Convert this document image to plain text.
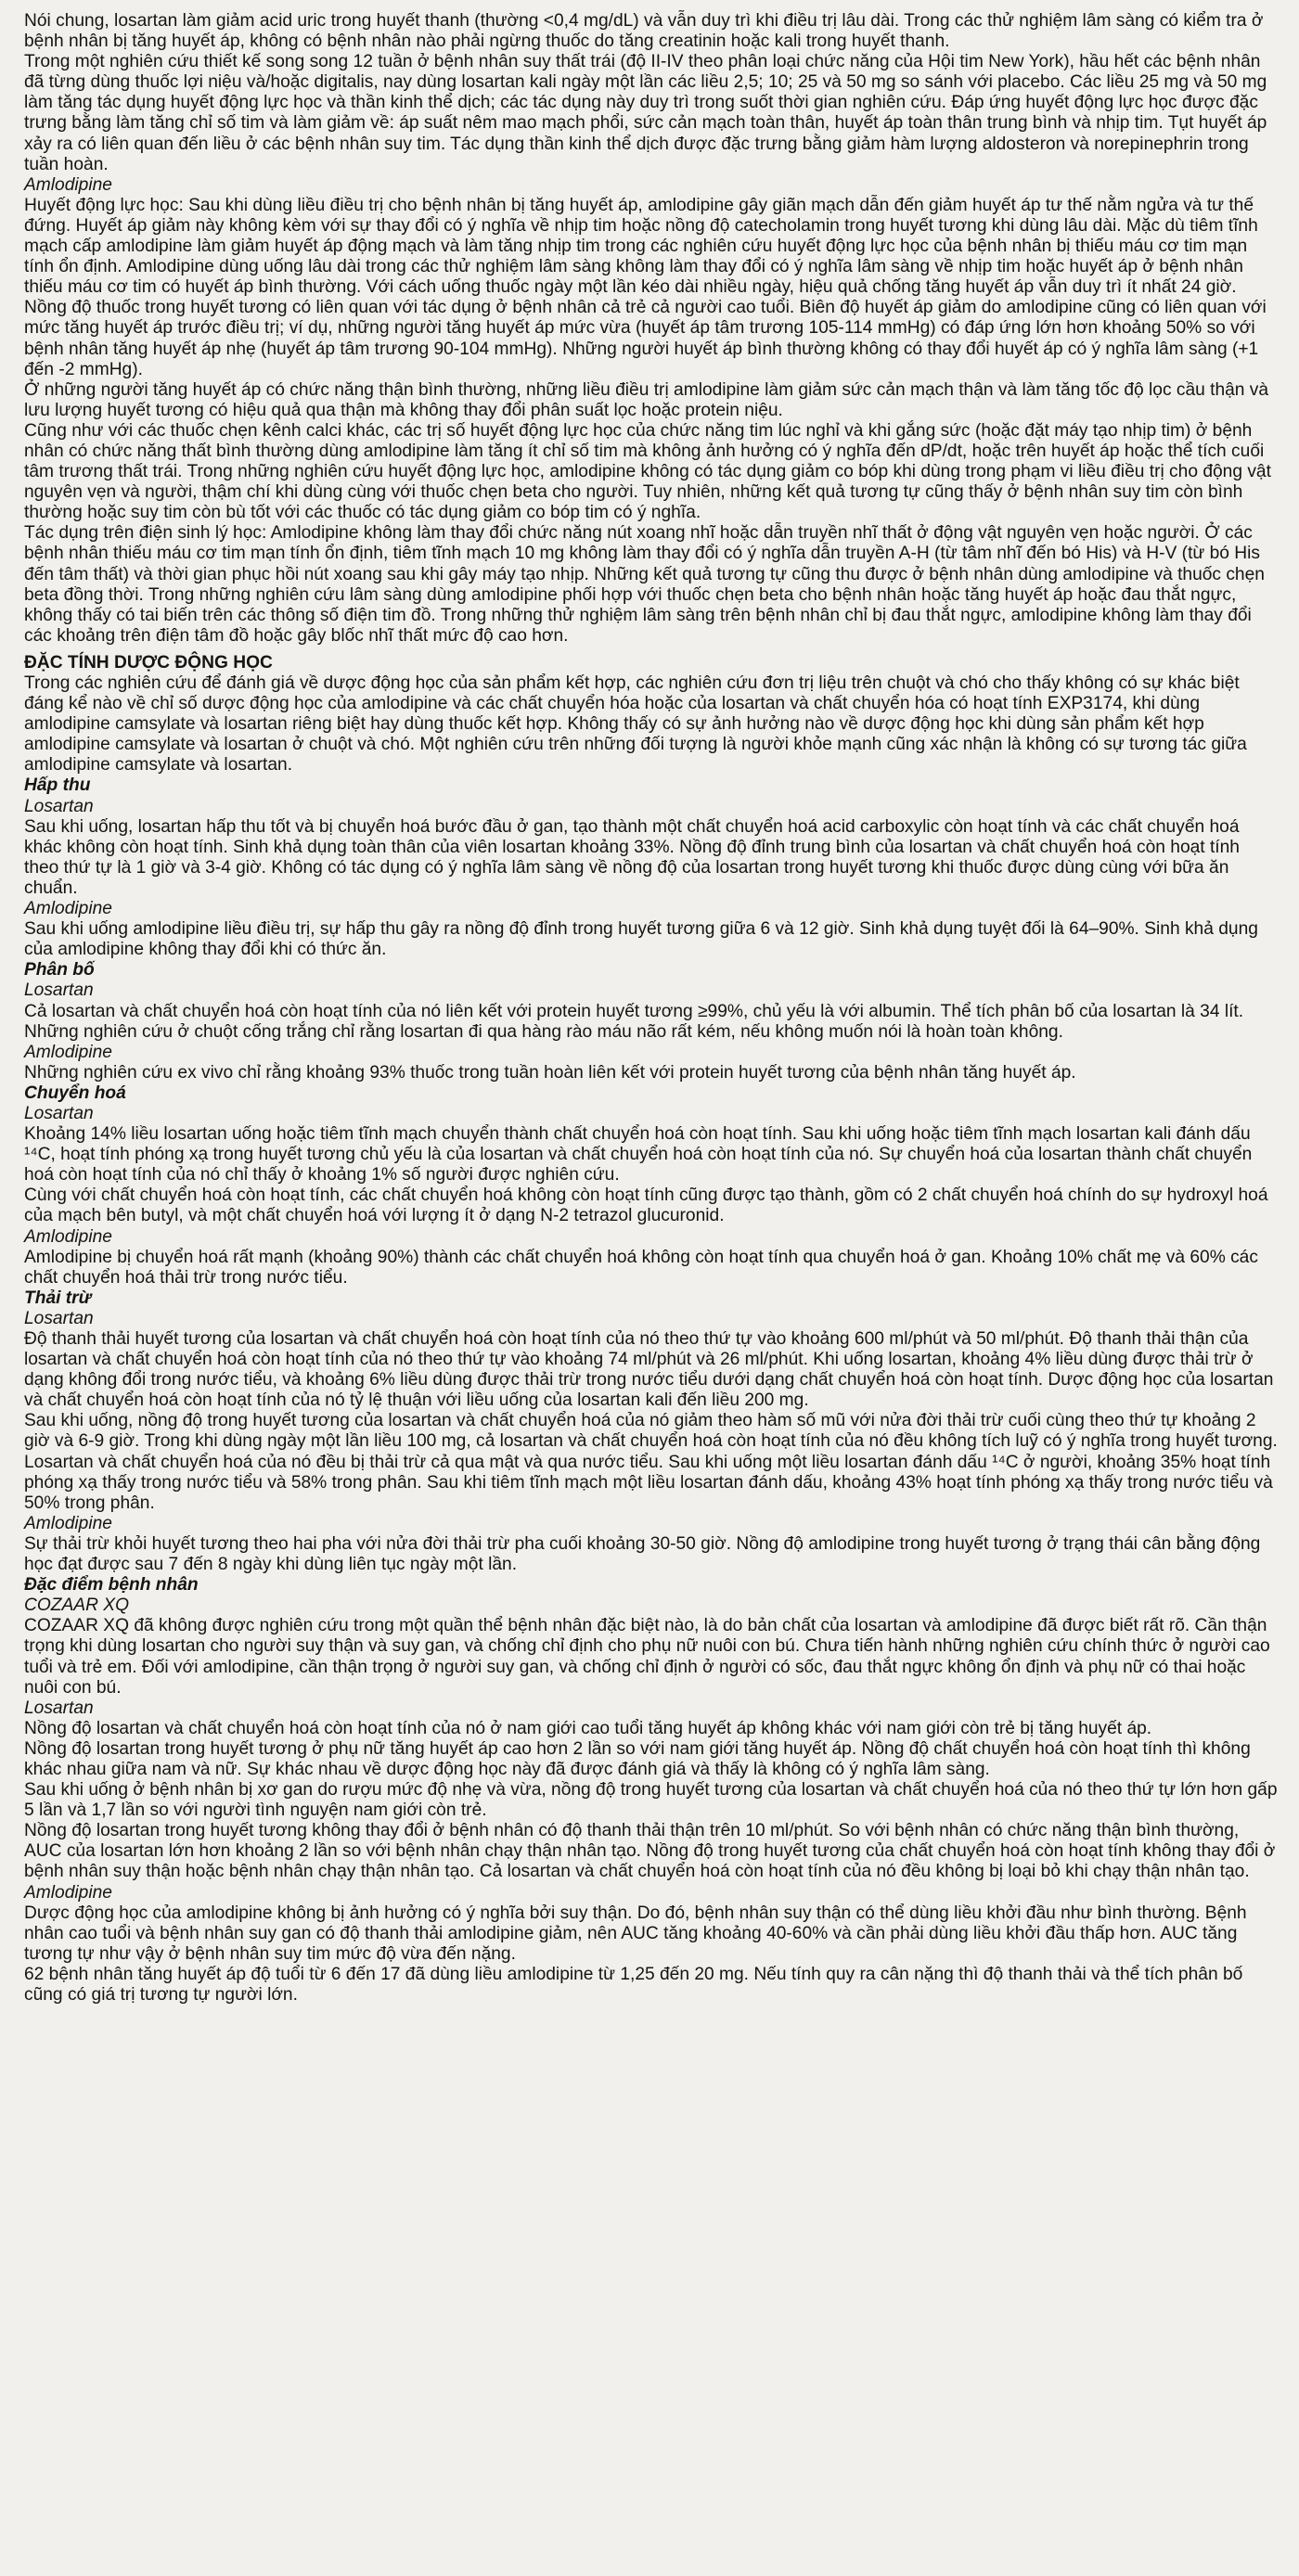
Nói chung, losartan làm giảm acid uric trong huyết thanh (thường <0,4 mg/dL) và vẫn duy trì khi điều trị lâu dài. Trong các thử nghiệm lâm sàng có kiểm tra ở bệnh nhân bị tăng huyết áp, không có bệnh nhân nào phải ngừng thuốc do tăng creatinin hoặc kali trong huyết thanh.

Trong một nghiên cứu thiết kế song song 12 tuần ở bệnh nhân suy thất trái (độ II-IV theo phân loại chức năng của Hội tim New York), hầu hết các bệnh nhân đã từng dùng thuốc lợi niệu và/hoặc digitalis, nay dùng losartan kali ngày một lần các liều 2,5; 10; 25 và 50 mg so sánh với placebo. Các liều 25 mg và 50 mg làm tăng tác dụng huyết động lực học và thần kinh thể dịch; các tác dụng này duy trì trong suốt thời gian nghiên cứu. Đáp ứng huyết động lực học được đặc trưng bằng làm tăng chỉ số tim và làm giảm về: áp suất nêm mao mạch phổi, sức cản mạch toàn thân, huyết áp toàn thân trung bình và nhịp tim. Tụt huyết áp xảy ra có liên quan đến liều ở các bệnh nhân suy tim. Tác dụng thần kinh thể dịch được đặc trưng bằng giảm hàm lượng aldosteron và norepinephrin trong tuần hoàn.

Amlodipine

Huyết động lực học: Sau khi dùng liều điều trị cho bệnh nhân bị tăng huyết áp, amlodipine gây giãn mạch dẫn đến giảm huyết áp tư thế nằm ngửa và tư thế đứng. Huyết áp giảm này không kèm với sự thay đổi có ý nghĩa về nhịp tim hoặc nồng độ catecholamin trong huyết tương khi dùng lâu dài. Mặc dù tiêm tĩnh mạch cấp amlodipine làm giảm huyết áp động mạch và làm tăng nhịp tim trong các nghiên cứu huyết động lực học của bệnh nhân bị thiếu máu cơ tim mạn tính ổn định. Amlodipine dùng uống lâu dài trong các thử nghiệm lâm sàng không làm thay đổi có ý nghĩa lâm sàng về nhịp tim hoặc huyết áp ở bệnh nhân thiếu máu cơ tim có huyết áp bình thường. Với cách uống thuốc ngày một lần kéo dài nhiều ngày, hiệu quả chống tăng huyết áp vẫn duy trì ít nhất 24 giờ. Nồng độ thuốc trong huyết tương có liên quan với tác dụng ở bệnh nhân cả trẻ cả người cao tuổi. Biên độ huyết áp giảm do amlodipine cũng có liên quan với mức tăng huyết áp trước điều trị; ví dụ, những người tăng huyết áp mức vừa (huyết áp tâm trương 105-114 mmHg) có đáp ứng lớn hơn khoảng 50% so với bệnh nhân tăng huyết áp nhẹ (huyết áp tâm trương 90-104 mmHg). Những người huyết áp bình thường không có thay đổi huyết áp có ý nghĩa lâm sàng (+1 đến -2 mmHg).

Ở những người tăng huyết áp có chức năng thận bình thường, những liều điều trị amlodipine làm giảm sức cản mạch thận và làm tăng tốc độ lọc cầu thận và lưu lượng huyết tương có hiệu quả qua thận mà không thay đổi phân suất lọc hoặc protein niệu.

Cũng như với các thuốc chẹn kênh calci khác, các trị số huyết động lực học của chức năng tim lúc nghỉ và khi gắng sức (hoặc đặt máy tạo nhịp tim) ở bệnh nhân có chức năng thất bình thường dùng amlodipine làm tăng ít chỉ số tim mà không ảnh hưởng có ý nghĩa đến dP/dt, hoặc trên huyết áp hoặc thể tích cuối tâm trương thất trái. Trong những nghiên cứu huyết động lực học, amlodipine không có tác dụng giảm co bóp khi dùng trong phạm vi liều điều trị cho động vật nguyên vẹn và người, thậm chí khi dùng cùng với thuốc chẹn beta cho người. Tuy nhiên, những kết quả tương tự cũng thấy ở bệnh nhân suy tim còn bình thường hoặc suy tim còn bù tốt với các thuốc có tác dụng giảm co bóp tim có ý nghĩa.

Tác dụng trên điện sinh lý học: Amlodipine không làm thay đổi chức năng nút xoang nhĩ hoặc dẫn truyền nhĩ thất ở động vật nguyên vẹn hoặc người. Ở các bệnh nhân thiếu máu cơ tim mạn tính ổn định, tiêm tĩnh mạch 10 mg không làm thay đổi có ý nghĩa dẫn truyền A-H (từ tâm nhĩ đến bó His) và H-V (từ bó His đến tâm thất) và thời gian phục hồi nút xoang sau khi gây máy tạo nhịp. Những kết quả tương tự cũng thu được ở bệnh nhân dùng amlodipine và thuốc chẹn beta đồng thời. Trong những nghiên cứu lâm sàng dùng amlodipine phối hợp với thuốc chẹn beta cho bệnh nhân hoặc tăng huyết áp hoặc đau thắt ngực, không thấy có tai biến trên các thông số điện tim đồ. Trong những thử nghiệm lâm sàng trên bệnh nhân chỉ bị đau thắt ngực, amlodipine không làm thay đổi các khoảng trên điện tâm đồ hoặc gây blốc nhĩ thất mức độ cao hơn.

ĐẶC TÍNH DƯỢC ĐỘNG HỌC

Trong các nghiên cứu để đánh giá về dược động học của sản phẩm kết hợp, các nghiên cứu đơn trị liệu trên chuột và chó cho thấy không có sự khác biệt đáng kể nào về chỉ số dược động học của amlodipine và các chất chuyển hóa hoặc của losartan và chất chuyển hóa có hoạt tính EXP3174, khi dùng amlodipine camsylate và losartan riêng biệt hay dùng thuốc kết hợp. Không thấy có sự ảnh hưởng nào về dược động học khi dùng sản phẩm kết hợp amlodipine camsylate và losartan ở chuột và chó. Một nghiên cứu trên những đối tượng là người khỏe mạnh cũng xác nhận là không có sự tương tác giữa amlodipine camsylate và losartan.

Hấp thu

Losartan

Sau khi uống, losartan hấp thu tốt và bị chuyển hoá bước đầu ở gan, tạo thành một chất chuyển hoá acid carboxylic còn hoạt tính và các chất chuyển hoá khác không còn hoạt tính. Sinh khả dụng toàn thân của viên losartan khoảng 33%. Nồng độ đỉnh trung bình của losartan và chất chuyển hoá còn hoạt tính theo thứ tự là 1 giờ và 3-4 giờ. Không có tác dụng có ý nghĩa lâm sàng về nồng độ của losartan trong huyết tương khi thuốc được dùng cùng với bữa ăn chuẩn.

Amlodipine

Sau khi uống amlodipine liều điều trị, sự hấp thu gây ra nồng độ đỉnh trong huyết tương giữa 6 và 12 giờ. Sinh khả dụng tuyệt đối là 64–90%. Sinh khả dụng của amlodipine không thay đổi khi có thức ăn.

Phân bố

Losartan

Cả losartan và chất chuyển hoá còn hoạt tính của nó liên kết với protein huyết tương ≥99%, chủ yếu là với albumin. Thể tích phân bố của losartan là 34 lít. Những nghiên cứu ở chuột cống trắng chỉ rằng losartan đi qua hàng rào máu não rất kém, nếu không muốn nói là hoàn toàn không.

Amlodipine

Những nghiên cứu ex vivo chỉ rằng khoảng 93% thuốc trong tuần hoàn liên kết với protein huyết tương của bệnh nhân tăng huyết áp.

Chuyển hoá

Losartan

Khoảng 14% liều losartan uống hoặc tiêm tĩnh mạch chuyển thành chất chuyển hoá còn hoạt tính. Sau khi uống hoặc tiêm tĩnh mạch losartan kali đánh dấu ¹⁴C, hoạt tính phóng xạ trong huyết tương chủ yếu là của losartan và chất chuyển hoá còn hoạt tính của nó. Sự chuyển hoá của losartan thành chất chuyển hoá còn hoạt tính của nó chỉ thấy ở khoảng 1% số người được nghiên cứu.

Cùng với chất chuyển hoá còn hoạt tính, các chất chuyển hoá không còn hoạt tính cũng được tạo thành, gồm có 2 chất chuyển hoá chính do sự hydroxyl hoá của mạch bên butyl, và một chất chuyển hoá với lượng ít ở dạng N-2 tetrazol glucuronid.

Amlodipine

Amlodipine bị chuyển hoá rất mạnh (khoảng 90%) thành các chất chuyển hoá không còn hoạt tính qua chuyển hoá ở gan. Khoảng 10% chất mẹ và 60% các chất chuyển hoá thải trừ trong nước tiểu.

Thải trừ

Losartan

Độ thanh thải huyết tương của losartan và chất chuyển hoá còn hoạt tính của nó theo thứ tự vào khoảng 600 ml/phút và 50 ml/phút. Độ thanh thải thận của losartan và chất chuyển hoá còn hoạt tính của nó theo thứ tự vào khoảng 74 ml/phút và 26 ml/phút. Khi uống losartan, khoảng 4% liều dùng được thải trừ ở dạng không đổi trong nước tiểu, và khoảng 6% liều dùng được thải trừ trong nước tiểu dưới dạng chất chuyển hoá còn hoạt tính. Dược động học của losartan và chất chuyển hoá còn hoạt tính của nó tỷ lệ thuận với liều uống của losartan kali đến liều 200 mg.

Sau khi uống, nồng độ trong huyết tương của losartan và chất chuyển hoá của nó giảm theo hàm số mũ với nửa đời thải trừ cuối cùng theo thứ tự khoảng 2 giờ và 6-9 giờ. Trong khi dùng ngày một lần liều 100 mg, cả losartan và chất chuyển hoá còn hoạt tính của nó đều không tích luỹ có ý nghĩa trong huyết tương.

Losartan và chất chuyển hoá của nó đều bị thải trừ cả qua mật và qua nước tiểu. Sau khi uống một liều losartan đánh dấu ¹⁴C ở người, khoảng 35% hoạt tính phóng xạ thấy trong nước tiểu và 58% trong phân. Sau khi tiêm tĩnh mạch một liều losartan đánh dấu, khoảng 43% hoạt tính phóng xạ thấy trong nước tiểu và 50% trong phân.

Amlodipine

Sự thải trừ khỏi huyết tương theo hai pha với nửa đời thải trừ pha cuối khoảng 30-50 giờ. Nồng độ amlodipine trong huyết tương ở trạng thái cân bằng động học đạt được sau 7 đến 8 ngày khi dùng liên tục ngày một lần.

Đặc điểm bệnh nhân

COZAAR XQ

COZAAR XQ đã không được nghiên cứu trong một quần thể bệnh nhân đặc biệt nào, là do bản chất của losartan và amlodipine đã được biết rất rõ. Cần thận trọng khi dùng losartan cho người suy thận và suy gan, và chống chỉ định cho phụ nữ nuôi con bú. Chưa tiến hành những nghiên cứu chính thức ở người cao tuổi và trẻ em. Đối với amlodipine, cần thận trọng ở người suy gan, và chống chỉ định ở người có sốc, đau thắt ngực không ổn định và phụ nữ có thai hoặc nuôi con bú.

Losartan

Nồng độ losartan và chất chuyển hoá còn hoạt tính của nó ở nam giới cao tuổi tăng huyết áp không khác với nam giới còn trẻ bị tăng huyết áp.

Nồng độ losartan trong huyết tương ở phụ nữ tăng huyết áp cao hơn 2 lần so với nam giới tăng huyết áp. Nồng độ chất chuyển hoá còn hoạt tính thì không khác nhau giữa nam và nữ. Sự khác nhau về dược động học này đã được đánh giá và thấy là không có ý nghĩa lâm sàng.

Sau khi uống ở bệnh nhân bị xơ gan do rượu mức độ nhẹ và vừa, nồng độ trong huyết tương của losartan và chất chuyển hoá của nó theo thứ tự lớn hơn gấp 5 lần và 1,7 lần so với người tình nguyện nam giới còn trẻ.

Nồng độ losartan trong huyết tương không thay đổi ở bệnh nhân có độ thanh thải thận trên 10 ml/phút. So với bệnh nhân có chức năng thận bình thường, AUC của losartan lớn hơn khoảng 2 lần so với bệnh nhân chạy thận nhân tạo. Nồng độ trong huyết tương của chất chuyển hoá còn hoạt tính không thay đổi ở bệnh nhân suy thận hoặc bệnh nhân chạy thận nhân tạo. Cả losartan và chất chuyển hoá còn hoạt tính của nó đều không bị loại bỏ khi chạy thận nhân tạo.

Amlodipine

Dược động học của amlodipine không bị ảnh hưởng có ý nghĩa bởi suy thận. Do đó, bệnh nhân suy thận có thể dùng liều khởi đầu như bình thường. Bệnh nhân cao tuổi và bệnh nhân suy gan có độ thanh thải amlodipine giảm, nên AUC tăng khoảng 40-60% và cần phải dùng liều khởi đầu thấp hơn. AUC tăng tương tự như vậy ở bệnh nhân suy tim mức độ vừa đến nặng.

62 bệnh nhân tăng huyết áp độ tuổi từ 6 đến 17 đã dùng liều amlodipine từ 1,25 đến 20 mg. Nếu tính quy ra cân nặng thì độ thanh thải và thể tích phân bố cũng có giá trị tương tự người lớn.
